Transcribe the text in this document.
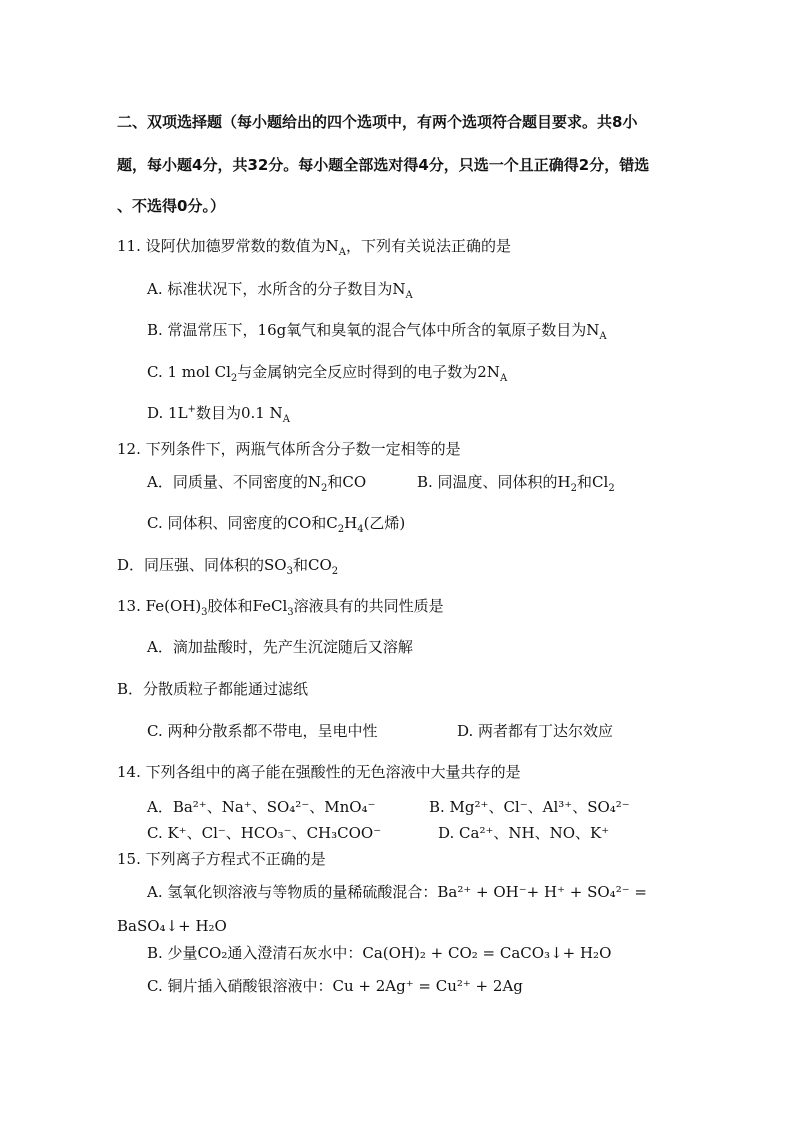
二、双项选择题（每小题给出的四个选项中，有两个选项符合题目要求。共8小
题，每小题4分，共32分。每小题全部选对得4分，只选一个且正确得2分，错选
、不选得0分。）
11. 设阿伏加德罗常数的数值为$N_A$，下列有关说法正确的是
A. 标准状况下，水所含的分子数目为$N_A$
B. 常温常压下，16g氧气和臭氧的混合气体中所含的氧原子数目为$N_A$
C. 1 mol $Cl_2$与金属钠完全反应时得到的电子数为$2N_A$
D. 1L+数目为0.1 $N_A$
12. 下列条件下，两瓶气体所含分子数一定相等的是
A．同质量、不同密度的$N_2$和CO	B. 同温度、同体积的$H_2$和$Cl_2$
C. 同体积、同密度的CO和$C_2H_4$(乙烯)
D．同压强、同体积的$SO_3$和$CO_2$
13. $Fe(OH)_3$胶体和FeCl$_3$溶液具有的共同性质是
A．滴加盐酸时，先产生沉淀随后又溶解
B．分散质粒子都能通过滤纸
C. 两种分散系都不带电，呈电中性	D. 两者都有丁达尔效应
14. 下列各组中的离子能在强酸性的无色溶液中大量共存的是
A．Ba²⁺、Na⁺、SO₄²⁻、MnO₄⁻	B. Mg²⁺、Cl⁻、Al³⁺、SO₄²⁻
C. K⁺、Cl⁻、HCO₃⁻、CH₃COO⁻	D. Ca²⁺、NH、NO、K⁺
15. 下列离子方程式不正确的是
A. 氢氧化钡溶液与等物质的量稀硫酸混合：Ba²⁺ + OH⁻+ H⁺ + SO₄²⁻ =
BaSO₄↓+ H₂O
B. 少量CO₂通入澄清石灰水中：Ca(OH)₂ + CO₂ = CaCO₃↓+ H₂O
C. 铜片插入硝酸银溶液中：Cu + 2Ag⁺ = Cu²⁺ + 2Ag
